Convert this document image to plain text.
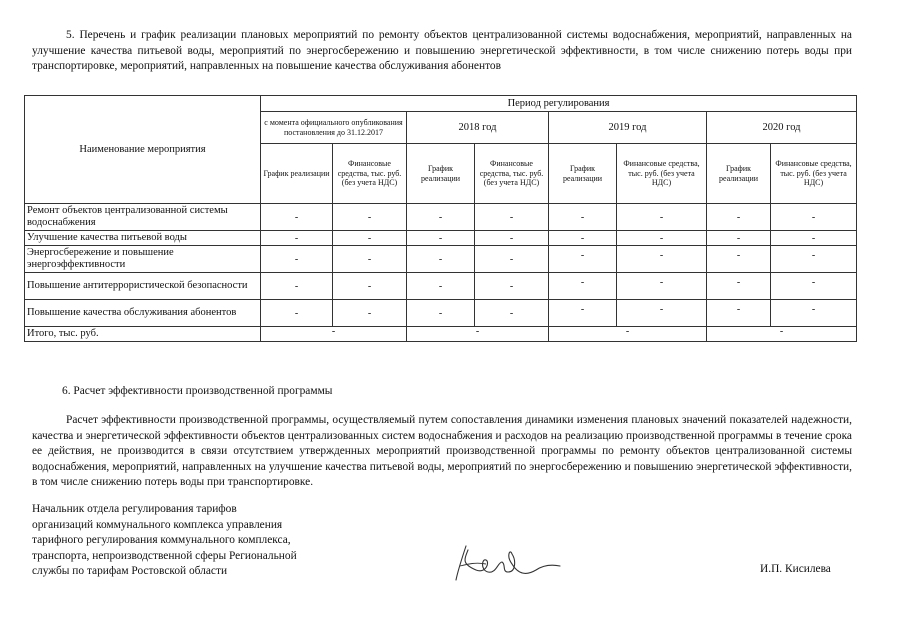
5. Перечень и график реализации плановых мероприятий по ремонту объектов централизованной системы водоснабжения, мероприятий, направленных на улучшение качества питьевой воды, мероприятий по энергосбережению и повышению энергетической эффективности, в том числе снижению потерь воды при транспортировке, мероприятий, направленных на повышение качества обслуживания абонентов
Наименование мероприятия	Период регулирования							
	с момента официального опубликования постановления до 31.12.2017		2018 год		2019 год		2020 год	
	График реализации	Финансовые средства, тыс. руб. (без учета НДС)	График реализации	Финансовые средства, тыс. руб. (без учета НДС)	График реализации	Финансовые средства, тыс. руб. (без учета НДС)	График реализации	Финансовые средства, тыс. руб. (без учета НДС)
Ремонт объектов централизованной системы водоснабжения	-	-	-	-	-	-	-	-
Улучшение качества питьевой воды	-	-	-	-	-	-	-	-
Энергосбережение и повышение энергоэффективности	-	-	-	-	-	-	-	-

Повышение антитеррористической безопасности	-	-	-	-	-	-	-	-

Повышение качества обслуживания абонентов	-	-	-	-	-	-	-	-

Итого, тыс. руб.	-		-		-		-	
6. Расчет эффективности производственной программы
Расчет эффективности производственной программы, осуществляемый путем сопоставления динамики изменения плановых значений показателей надежности, качества и энергетической эффективности объектов централизованных систем водоснабжения и расходов на реализацию производственной программы в течение срока ее действия, не производится в связи отсутствием утвержденных мероприятий производственной программы по ремонту объектов централизованной системы водоснабжения, мероприятий, направленных на улучшение качества питьевой воды, мероприятий по энергосбережению и повышению энергетической эффективности, в том числе снижению потерь воды при транспортировке.
Начальник отдела регулирования тарифов
организаций коммунального комплекса управления
тарифного регулирования коммунального комплекса,
транспорта, непроизводственной сферы Региональной
службы по тарифам Ростовской области	И.П. Кисилева
